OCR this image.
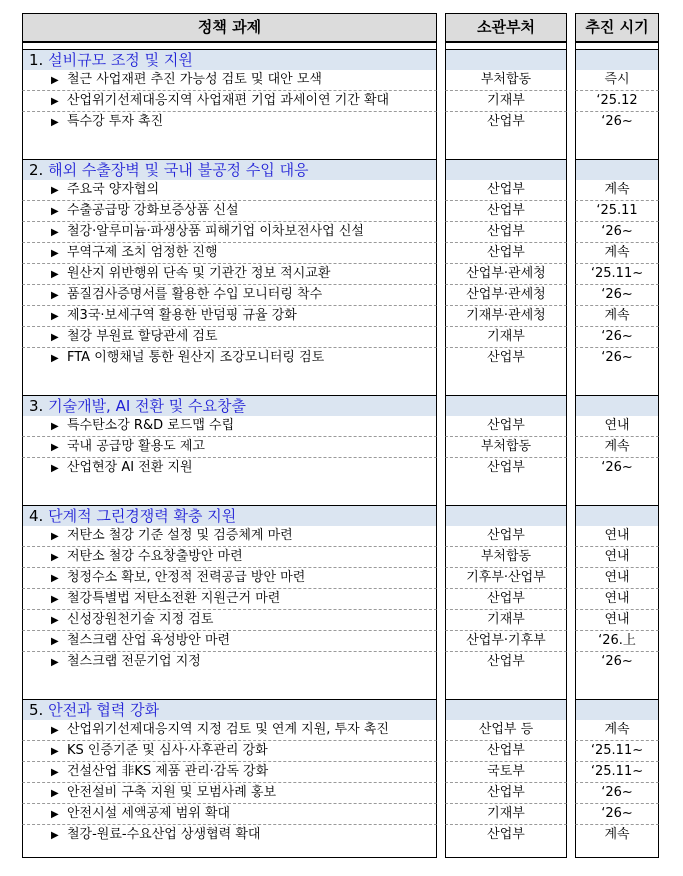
정책 과제	소관부처	추진 시기
1. 설비규모 조정 및 지원
▶ 철근 사업재편 추진 가능성 검토 및 대안 모색	부처합동	즉시
▶ 산업위기선제대응지역 사업재편 기업 과세이연 기간 확대	기재부	‘25.12
▶ 특수강 투자 촉진	산업부	‘26~
2. 해외 수출장벽 및 국내 불공정 수입 대응
▶ 주요국 양자협의	산업부	계속
▶ 수출공급망 강화보증상품 신설	산업부	‘25.11
▶ 철강·알루미늄·파생상품 피해기업 이차보전사업 신설	산업부	‘26~
▶ 무역구제 조치 엄정한 진행	산업부	계속
▶ 원산지 위반행위 단속 및 기관간 정보 적시교환	산업부·관세청	‘25.11~
▶ 품질검사증명서를 활용한 수입 모니터링 착수	산업부·관세청	‘26~
▶ 제3국·보세구역 활용한 반덤핑 규율 강화	기재부·관세청	계속
▶ 철강 부원료 할당관세 검토	기재부	‘26~
▶ FTA 이행채널 통한 원산지 조강모니터링 검토	산업부	‘26~
3. 기술개발, AI 전환 및 수요창출
▶ 특수탄소강 R&D 로드맵 수립	산업부	연내
▶ 국내 공급망 활용도 제고	부처합동	계속
▶ 산업현장 AI 전환 지원	산업부	‘26~
4. 단계적 그린경쟁력 확충 지원
▶ 저탄소 철강 기준 설정 및 검증체계 마련	산업부	연내
▶ 저탄소 철강 수요창출방안 마련	부처합동	연내
▶ 청정수소 확보, 안정적 전력공급 방안 마련	기후부·산업부	연내
▶ 철강특별법 저탄소전환 지원근거 마련	산업부	연내
▶ 신성장원천기술 지정 검토	기재부	연내
▶ 철스크랩 산업 육성방안 마련	산업부·기후부	‘26.上
▶ 철스크랩 전문기업 지정	산업부	‘26~
5. 안전과 협력 강화
▶ 산업위기선제대응지역 지정 검토 및 연계 지원, 투자 촉진	산업부 등	계속
▶ KS 인증기준 및 심사·사후관리 강화	산업부	‘25.11~
▶ 건설산업 非KS 제품 관리·감독 강화	국토부	‘25.11~
▶ 안전설비 구축 지원 및 모범사례 홍보	산업부	‘26~
▶ 안전시설 세액공제 범위 확대	기재부	‘26~
▶ 철강-원료-수요산업 상생협력 확대	산업부	계속
